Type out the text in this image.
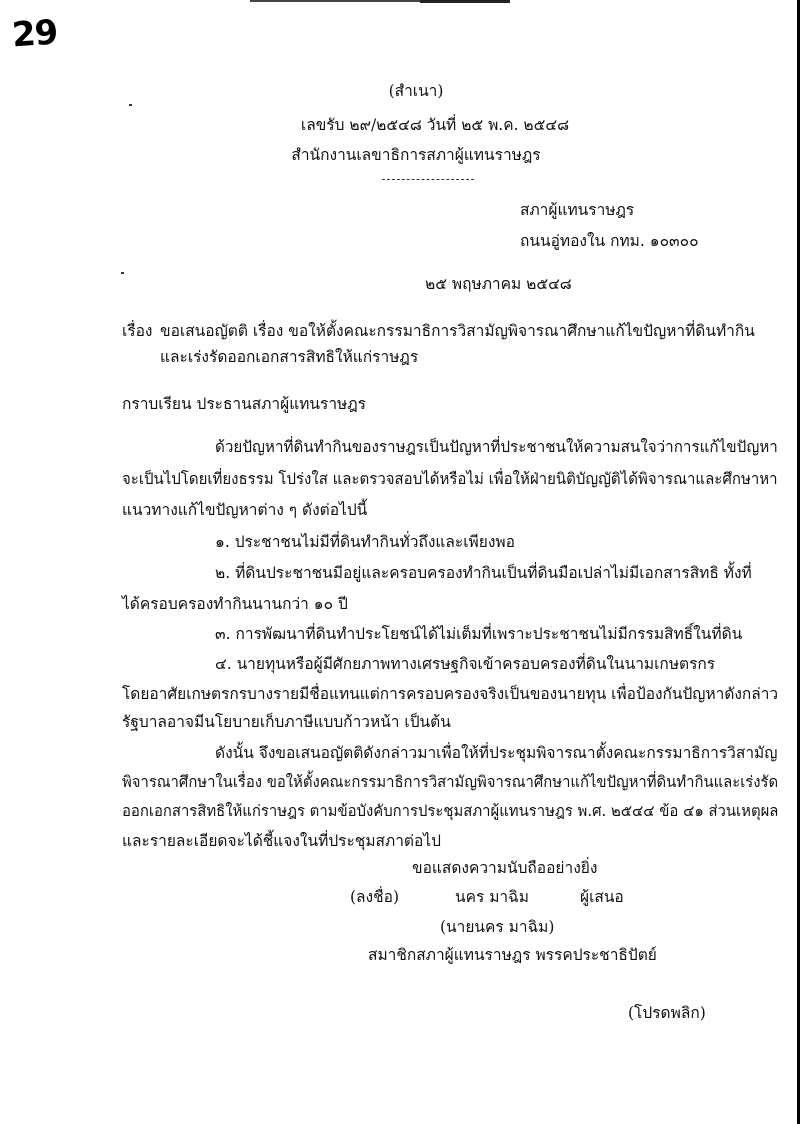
29
(สำเนา)
เลขรับ ๒๙/๒๕๔๘ วันที่ ๒๕ พ.ค. ๒๕๔๘
สำนักงานเลขาธิการสภาผู้แทนราษฎร
สภาผู้แทนราษฎร
ถนนอู่ทองใน กทม. ๑๐๓๐๐
๒๕ พฤษภาคม ๒๕๔๘
เรื่อง ขอเสนอญัตติ เรื่อง ขอให้ตั้งคณะกรรมาธิการวิสามัญพิจารณาศึกษาแก้ไขปัญหาที่ดินทำกิน
และเร่งรัดออกเอกสารสิทธิให้แก่ราษฎร
กราบเรียน ประธานสภาผู้แทนราษฎร
ด้วยปัญหาที่ดินทำกินของราษฎรเป็นปัญหาที่ประชาชนให้ความสนใจว่าการแก้ไขปัญหา
จะเป็นไปโดยเที่ยงธรรม โปร่งใส และตรวจสอบได้หรือไม่ เพื่อให้ฝ่ายนิติบัญญัติได้พิจารณาและศึกษาหา
แนวทางแก้ไขปัญหาต่าง ๆ ดังต่อไปนี้
๑. ประชาชนไม่มีที่ดินทำกินทั่วถึงและเพียงพอ
๒. ที่ดินประชาชนมีอยู่และครอบครองทำกินเป็นที่ดินมือเปล่าไม่มีเอกสารสิทธิ ทั้งที่
ได้ครอบครองทำกินนานกว่า ๑๐ ปี
๓. การพัฒนาที่ดินทำประโยชน์ได้ไม่เต็มที่เพราะประชาชนไม่มีกรรมสิทธิ์ในที่ดิน
๔. นายทุนหรือผู้มีศักยภาพทางเศรษฐกิจเข้าครอบครองที่ดินในนามเกษตรกร
โดยอาศัยเกษตรกรบางรายมีชื่อแทนแต่การครอบครองจริงเป็นของนายทุน เพื่อป้องกันปัญหาดังกล่าว
รัฐบาลอาจมีนโยบายเก็บภาษีแบบก้าวหน้า เป็นต้น
ดังนั้น จึงขอเสนอญัตติดังกล่าวมาเพื่อให้ที่ประชุมพิจารณาตั้งคณะกรรมาธิการวิสามัญ
พิจารณาศึกษาในเรื่อง ขอให้ตั้งคณะกรรมาธิการวิสามัญพิจารณาศึกษาแก้ไขปัญหาที่ดินทำกินและเร่งรัด
ออกเอกสารสิทธิให้แก่ราษฎร ตามข้อบังคับการประชุมสภาผู้แทนราษฎร พ.ศ. ๒๕๔๔ ข้อ ๔๑ ส่วนเหตุผล
และรายละเอียดจะได้ชี้แจงในที่ประชุมสภาต่อไป
ขอแสดงความนับถืออย่างยิ่ง
(ลงชื่อ)	นคร มาฉิม	ผู้เสนอ
(นายนคร มาฉิม)
สมาชิกสภาผู้แทนราษฎร พรรคประชาธิปัตย์
(โปรดพลิก)
